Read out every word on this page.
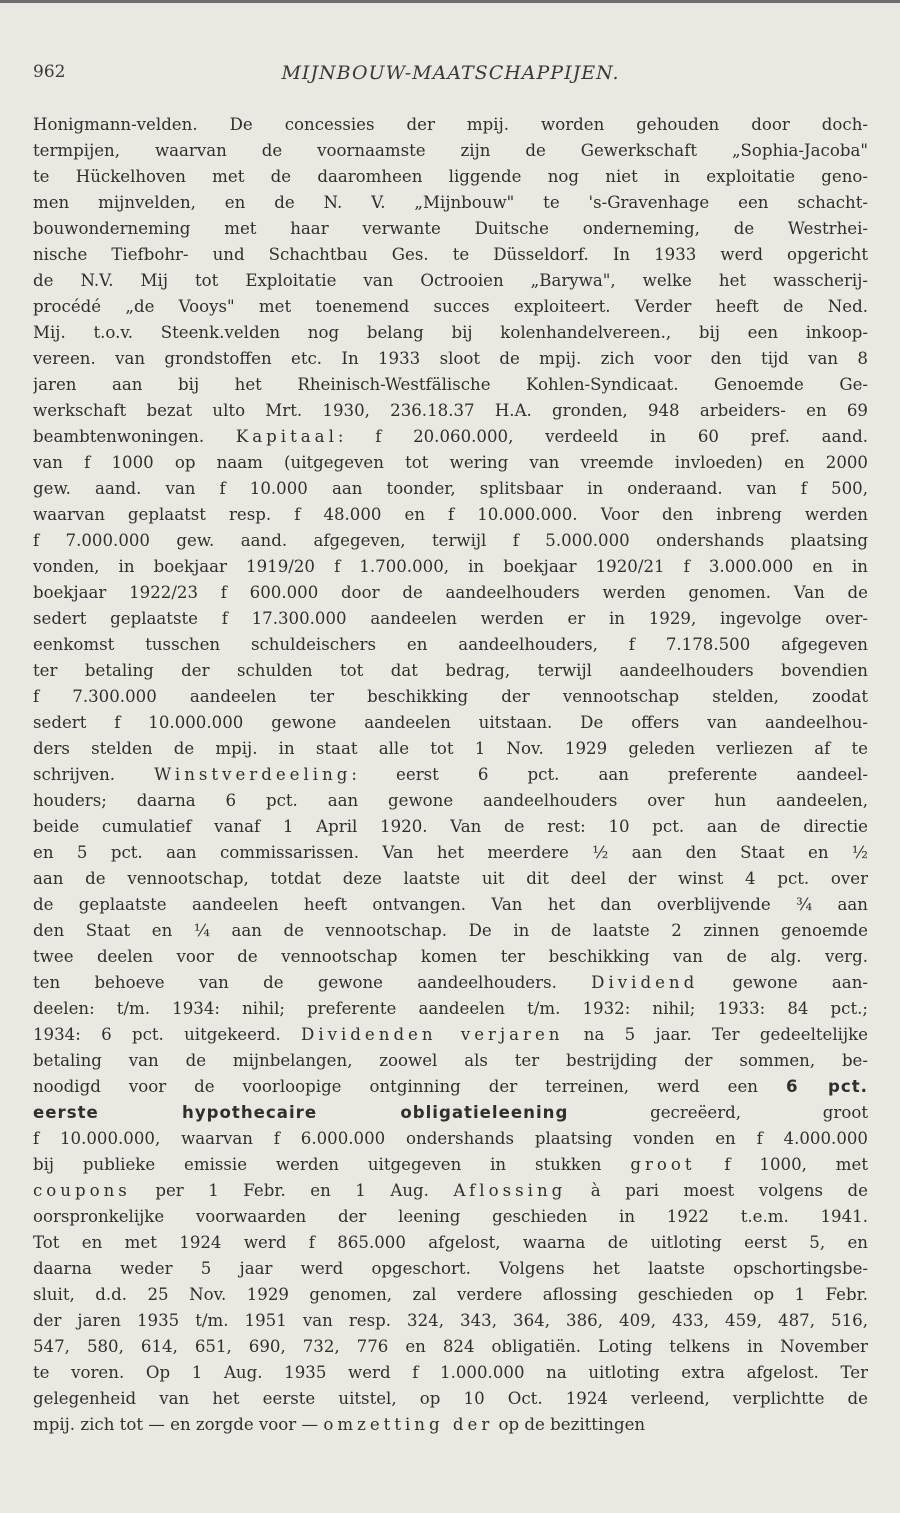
962	MIJNBOUW-MAATSCHAPPIJEN.
Honigmann-velden. De concessies der mpij. worden gehouden door doch-
termpijen, waarvan de voornaamste zijn de Gewerkschaft „Sophia-Jacoba"
te Hückelhoven met de daaromheen liggende nog niet in exploitatie geno-
men mijnvelden, en de N. V. „Mijnbouw" te 's-Gravenhage een schacht-
bouwonderneming met haar verwante Duitsche onderneming, de Westrhei-
nische Tiefbohr- und Schachtbau Ges. te Düsseldorf. In 1933 werd opgericht
de N.V. Mij tot Exploitatie van Octrooien „Barywa", welke het wasscherij-
procédé „de Vooys" met toenemend succes exploiteert. Verder heeft de Ned.
Mij. t.o.v. Steenk.velden nog belang bij kolenhandelvereen., bij een inkoop-
vereen. van grondstoffen etc. In 1933 sloot de mpij. zich voor den tijd van 8
jaren aan bij het Rheinisch-Westfälische Kohlen-Syndicaat. Genoemde Ge-
werkschaft bezat ulto Mrt. 1930, 236.18.37 H.A. gronden, 948 arbeiders- en 69
beambtenwoningen. Kapitaal: f 20.060.000, verdeeld in 60 pref. aand.
van f 1000 op naam (uitgegeven tot wering van vreemde invloeden) en 2000
gew. aand. van f 10.000 aan toonder, splitsbaar in onderaand. van f 500,
waarvan geplaatst resp. f 48.000 en f 10.000.000. Voor den inbreng werden
f 7.000.000 gew. aand. afgegeven, terwijl f 5.000.000 ondershands plaatsing
vonden, in boekjaar 1919/20 f 1.700.000, in boekjaar 1920/21 f 3.000.000 en in
boekjaar 1922/23 f 600.000 door de aandeelhouders werden genomen. Van de
sedert geplaatste f 17.300.000 aandeelen werden er in 1929, ingevolge over-
eenkomst tusschen schuldeischers en aandeelhouders, f 7.178.500 afgegeven
ter betaling der schulden tot dat bedrag, terwijl aandeelhouders bovendien
f 7.300.000 aandeelen ter beschikking der vennootschap stelden, zoodat
sedert f 10.000.000 gewone aandeelen uitstaan. De offers van aandeelhou-
ders stelden de mpij. in staat alle tot 1 Nov. 1929 geleden verliezen af te
schrijven. Winstverdeeling: eerst 6 pct. aan preferente aandeel-
houders; daarna 6 pct. aan gewone aandeelhouders over hun aandeelen,
beide cumulatief vanaf 1 April 1920. Van de rest: 10 pct. aan de directie
en 5 pct. aan commissarissen. Van het meerdere ½ aan den Staat en ½
aan de vennootschap, totdat deze laatste uit dit deel der winst 4 pct. over
de geplaatste aandeelen heeft ontvangen. Van het dan overblijvende ¾ aan
den Staat en ¼ aan de vennootschap. De in de laatste 2 zinnen genoemde
twee deelen voor de vennootschap komen ter beschikking van de alg. verg.
ten behoeve van de gewone aandeelhouders. Dividend gewone aan-
deelen: t/m. 1934: nihil; preferente aandeelen t/m. 1932: nihil; 1933: 84 pct.;
1934: 6 pct. uitgekeerd. Dividenden verjaren na 5 jaar. Ter gedeeltelijke
betaling van de mijnbelangen, zoowel als ter bestrijding der sommen, be-
noodigd voor de voorloopige ontginning der terreinen, werd een 6 pct.
eerste hypothecaire obligatieleening gecreëerd, groot
f 10.000.000, waarvan f 6.000.000 ondershands plaatsing vonden en f 4.000.000
bij publieke emissie werden uitgegeven in stukken groot f 1000, met
coupons per 1 Febr. en 1 Aug. Aflossing à pari moest volgens de
oorspronkelijke voorwaarden der leening geschieden in 1922 t.e.m. 1941.
Tot en met 1924 werd f 865.000 afgelost, waarna de uitloting eerst 5, en
daarna weder 5 jaar werd opgeschort. Volgens het laatste opschortingsbe-
sluit, d.d. 25 Nov. 1929 genomen, zal verdere aflossing geschieden op 1 Febr.
der jaren 1935 t/m. 1951 van resp. 324, 343, 364, 386, 409, 433, 459, 487, 516,
547, 580, 614, 651, 690, 732, 776 en 824 obligatiën. Loting telkens in November
te voren. Op 1 Aug. 1935 werd f 1.000.000 na uitloting extra afgelost. Ter
gelegenheid van het eerste uitstel, op 10 Oct. 1924 verleend, verplichtte de
mpij. zich tot — en zorgde voor — omzetting der op de bezittingen
